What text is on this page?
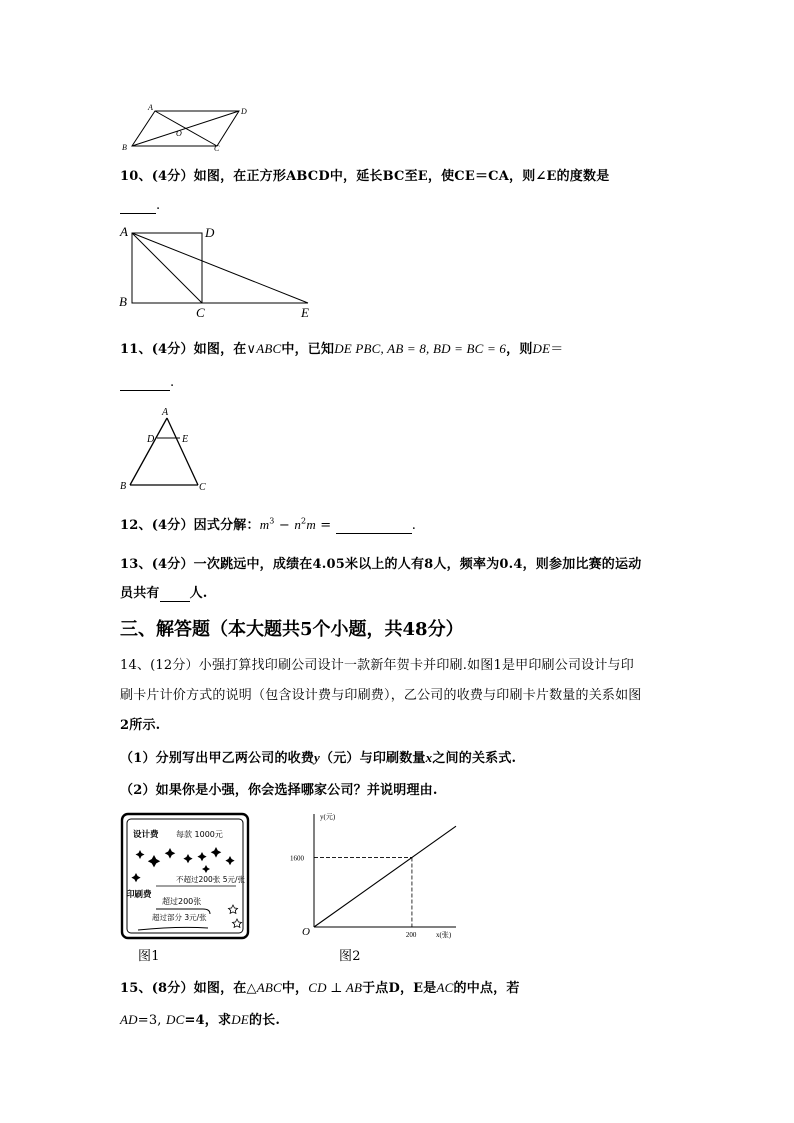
A	D
B	C
O
10、(4分）如图，在正方形ABCD中，延长BC至E，使CE＝CA，则∠E的度数是
.
A	D
B
C	E
11、(4分）如图，在∨ABC中，已知DE PBC, AB = 8, BD = BC = 6，则DE＝
.
A
D	E
B	C
12、(4分）因式分解：$m^3 - n^2m$ =	.
13、(4分）一次跳远中，成绩在4.05米以上的人有8人，频率为0.4，则参加比赛的运动
员共有 人.
三、解答题（本大题共5个小题，共48分）
14、(12分）小强打算找印刷公司设计一款新年贺卡并印刷.如图1是甲印刷公司设计与印
刷卡片计价方式的说明（包含设计费与印刷费），乙公司的收费与印刷卡片数量的关系如图
2所示.
（1）分别写出甲乙两公司的收费y（元）与印刷数量x之间的关系式.
（2）如果你是小强，你会选择哪家公司？并说明理由.
设计费 每款 1000元
不超过200张 5元/张
印刷费
超过200张
超过部分 3元/张
图1
y(元)
x(张)
O
1600
200
图2
15、(8分）如图，在△ABC中，CD ⊥ AB于点D，E是AC的中点，若
AD=3, DC=4，求DE的长.
